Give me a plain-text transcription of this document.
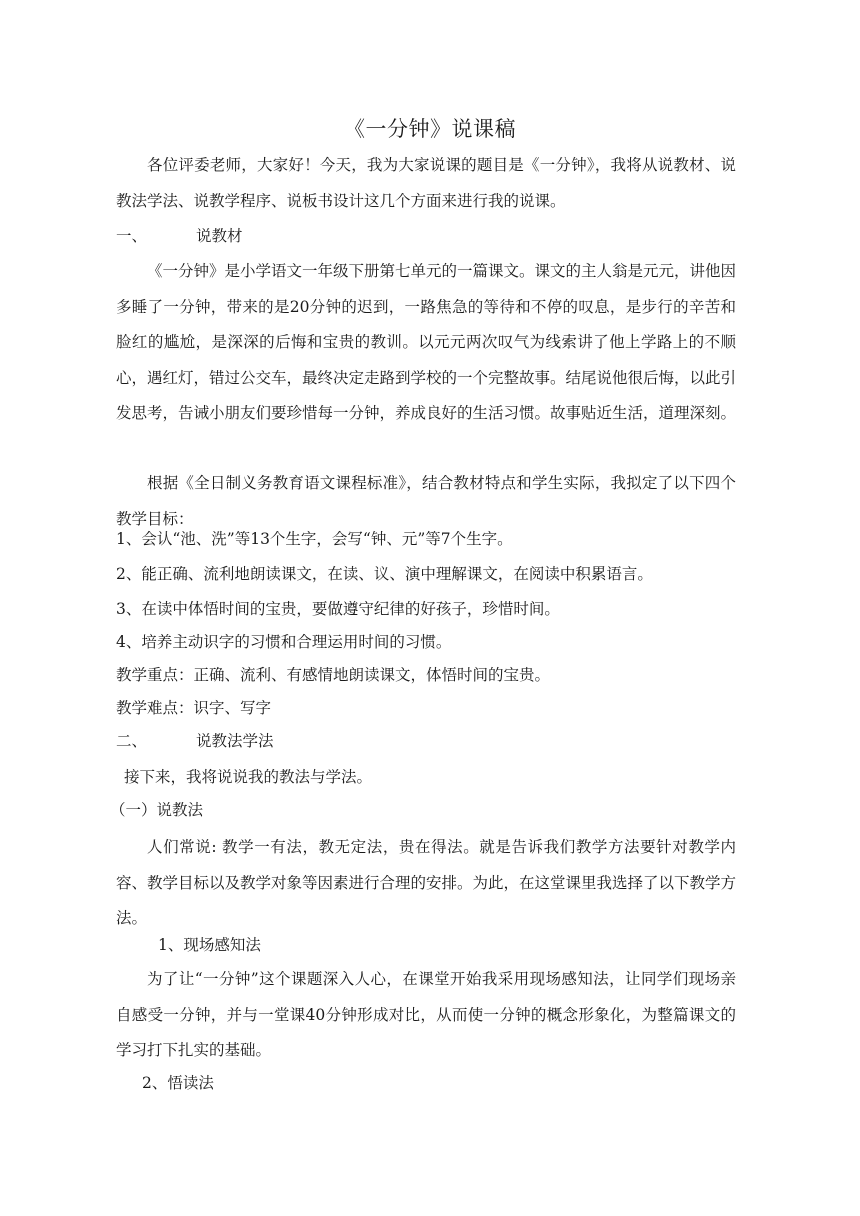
《一分钟》说课稿
各位评委老师，大家好！今天，我为大家说课的题目是《一分钟》，我将从说教材、说教法学法、说教学程序、说板书设计这几个方面来进行我的说课。
一、	说教材
《一分钟》是小学语文一年级下册第七单元的一篇课文。课文的主人翁是元元，讲他因多睡了一分钟，带来的是20分钟的迟到，一路焦急的等待和不停的叹息，是步行的辛苦和脸红的尴尬，是深深的后悔和宝贵的教训。以元元两次叹气为线索讲了他上学路上的不顺心，遇红灯，错过公交车，最终决定走路到学校的一个完整故事。结尾说他很后悔，以此引发思考，告诫小朋友们要珍惜每一分钟，养成良好的生活习惯。故事贴近生活，道理深刻。
根据《全日制义务教育语文课程标准》，结合教材特点和学生实际，我拟定了以下四个教学目标：
1、会认“池、洗”等13个生字，会写“钟、元”等7个生字。
2、能正确、流利地朗读课文，在读、议、演中理解课文，在阅读中积累语言。
3、在读中体悟时间的宝贵，要做遵守纪律的好孩子，珍惜时间。
4、培养主动识字的习惯和合理运用时间的习惯。
教学重点：正确、流利、有感情地朗读课文，体悟时间的宝贵。
教学难点：识字、写字
二、	说教法学法
接下来，我将说说我的教法与学法。
（一）说教法
人们常说: 教学一有法，教无定法，贵在得法。就是告诉我们教学方法要针对教学内容、教学目标以及教学对象等因素进行合理的安排。为此，在这堂课里我选择了以下教学方法。
1、现场感知法
为了让“一分钟”这个课题深入人心，在课堂开始我采用现场感知法，让同学们现场亲自感受一分钟，并与一堂课40分钟形成对比，从而使一分钟的概念形象化，为整篇课文的学习打下扎实的基础。
2、悟读法
